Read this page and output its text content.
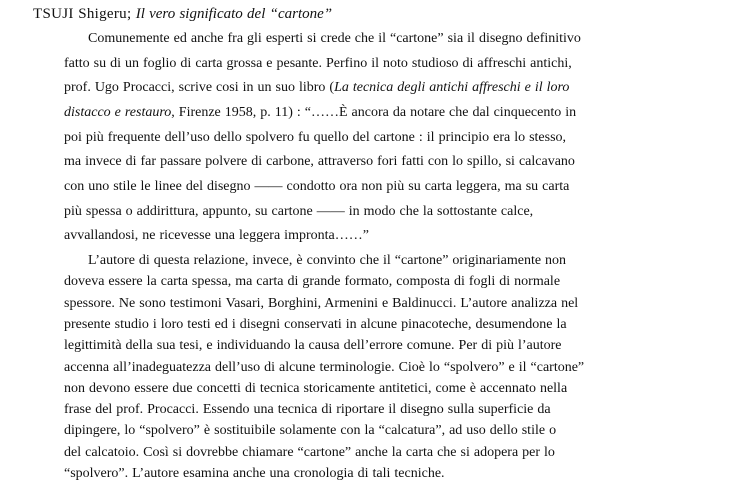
TSUJI Shigeru; Il vero significato del “cartone”
Comunemente ed anche fra gli esperti si crede che il “cartone” sia il disegno definitivo
fatto su di un foglio di carta grossa e pesante. Perfino il noto studioso di affreschi antichi,
prof. Ugo Procacci, scrive cosi in un suo libro (La tecnica degli antichi affreschi e il loro
distacco e restauro, Firenze 1958, p. 11) : “……È ancora da notare che dal cinquecento in
poi più frequente dell’uso dello spolvero fu quello del cartone : il principio era lo stesso,
ma invece di far passare polvere di carbone, attraverso fori fatti con lo spillo, si calcavano
con uno stile le linee del disegno —— condotto ora non più su carta leggera, ma su carta
più spessa o addirittura, appunto, su cartone —— in modo che la sottostante calce,
avvallandosi, ne ricevesse una leggera impronta……”
L’autore di questa relazione, invece, è convinto che il “cartone” originariamente non
doveva essere la carta spessa, ma carta di grande formato, composta di fogli di normale
spessore. Ne sono testimoni Vasari, Borghini, Armenini e Baldinucci. L’autore analizza nel
presente studio i loro testi ed i disegni conservati in alcune pinacoteche, desumendone la
legittimità della sua tesi, e individuando la causa dell’errore comune. Per di più l’autore
accenna all’inadeguatezza dell’uso di alcune terminologie. Cioè lo “spolvero” e il “cartone”
non devono essere due concetti di tecnica storicamente antitetici, come è accennato nella
frase del prof. Procacci. Essendo una tecnica di riportare il disegno sulla superficie da
dipingere, lo “spolvero” è sostituibile solamente con la “calcatura”, ad uso dello stile o
del calcatoio. Così si dovrebbe chiamare “cartone” anche la carta che si adopera per lo
“spolvero”. L’autore esamina anche una cronologia di tali tecniche.
